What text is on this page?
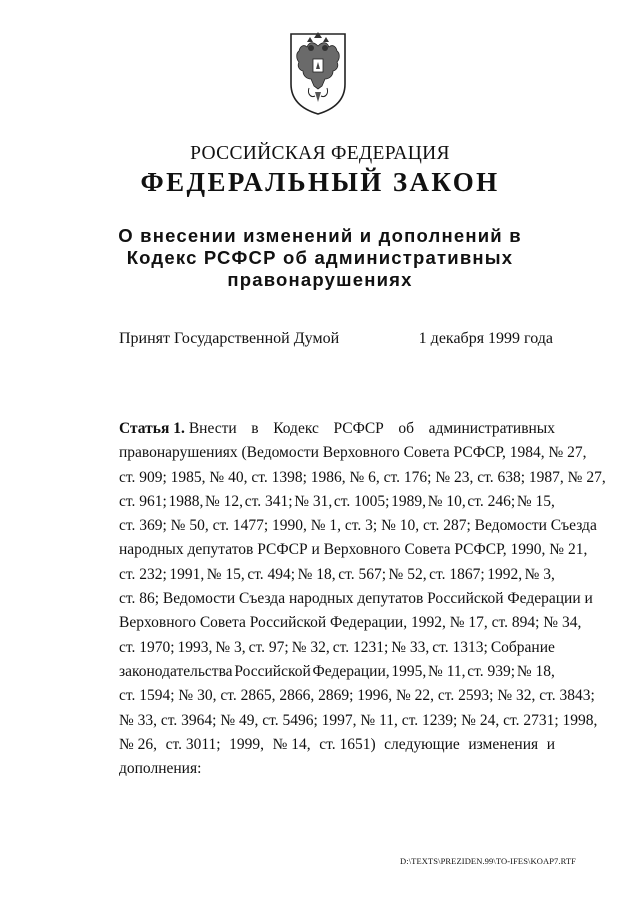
РОССИЙСКАЯ ФЕДЕРАЦИЯ
ФЕДЕРАЛЬНЫЙ ЗАКОН
О внесении изменений и дополнений в
Кодекс РСФСР об административных
правонарушениях
Принят Государственной Думой	1 декабря 1999 года
Статья 1. Внести в Кодекс РСФСР об административных
правонарушениях (Ведомости Верховного Совета РСФСР, 1984, № 27,
ст. 909; 1985, № 40, ст. 1398; 1986, № 6, ст. 176; № 23, ст. 638; 1987, № 27,
ст. 961; 1988, № 12, ст. 341; № 31, ст. 1005; 1989, № 10, ст. 246; № 15,
ст. 369; № 50, ст. 1477; 1990, № 1, ст. 3; № 10, ст. 287; Ведомости Съезда
народных депутатов РСФСР и Верховного Совета РСФСР, 1990, № 21,
ст. 232; 1991, № 15, ст. 494; № 18, ст. 567; № 52, ст. 1867; 1992, № 3,
ст. 86; Ведомости Съезда народных депутатов Российской Федерации и
Верховного Совета Российской Федерации, 1992, № 17, ст. 894; № 34,
ст. 1970; 1993, № 3, ст. 97; № 32, ст. 1231; № 33, ст. 1313; Собрание
законодательства Российской Федерации, 1995, № 11, ст. 939; № 18,
ст. 1594; № 30, ст. 2865, 2866, 2869; 1996, № 22, ст. 2593; № 32, ст. 3843;
№ 33, ст. 3964; № 49, ст. 5496; 1997, № 11, ст. 1239; № 24, ст. 2731; 1998,
№ 26, ст. 3011; 1999, № 14, ст. 1651) следующие изменения и
дополнения:
D:\TEXTS\PREZIDEN.99\TO-IFES\KOAP7.RTF
